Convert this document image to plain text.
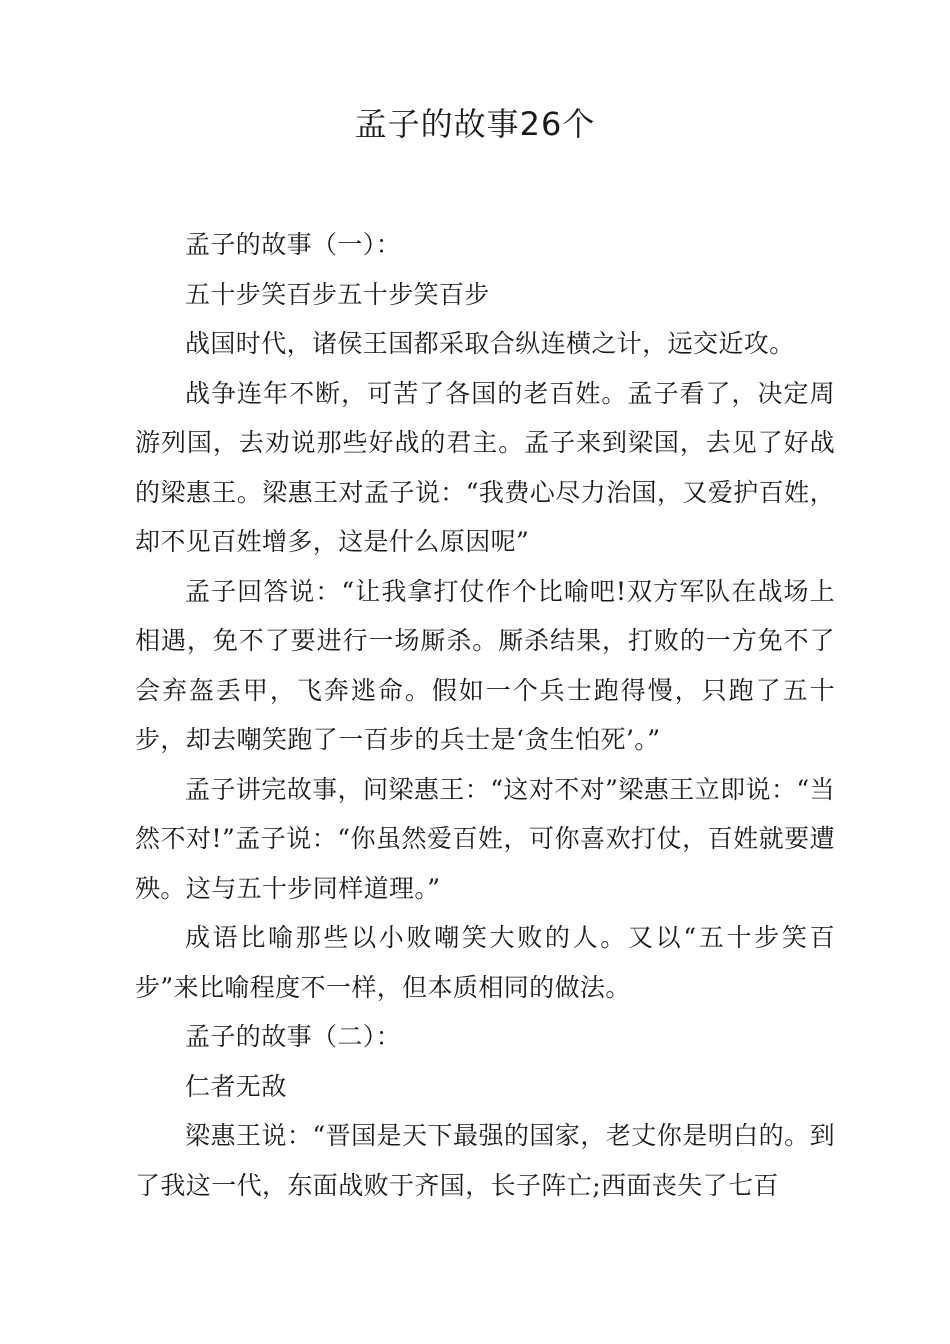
孟子的故事26个

孟子的故事（一）：

五十步笑百步五十步笑百步

战国时代，诸侯王国都采取合纵连横之计，远交近攻。

战争连年不断，可苦了各国的老百姓。孟子看了，决定周游列国，去劝说那些好战的君主。孟子来到梁国，去见了好战的梁惠王。梁惠王对孟子说：“我费心尽力治国，又爱护百姓，却不见百姓增多，这是什么原因呢”

孟子回答说：“让我拿打仗作个比喻吧!双方军队在战场上相遇，免不了要进行一场厮杀。厮杀结果，打败的一方免不了会弃盔丢甲，飞奔逃命。假如一个兵士跑得慢，只跑了五十步，却去嘲笑跑了一百步的兵士是‘贪生怕死’。”

孟子讲完故事，问梁惠王：“这对不对”梁惠王立即说：“当然不对!”孟子说：“你虽然爱百姓，可你喜欢打仗，百姓就要遭殃。这与五十步同样道理。”

成语比喻那些以小败嘲笑大败的人。又以“五十步笑百步”来比喻程度不一样，但本质相同的做法。

孟子的故事（二）：

仁者无敌

梁惠王说：“晋国是天下最强的国家，老丈你是明白的。到了我这一代，东面战败于齐国，长子阵亡;西面丧失了七百
